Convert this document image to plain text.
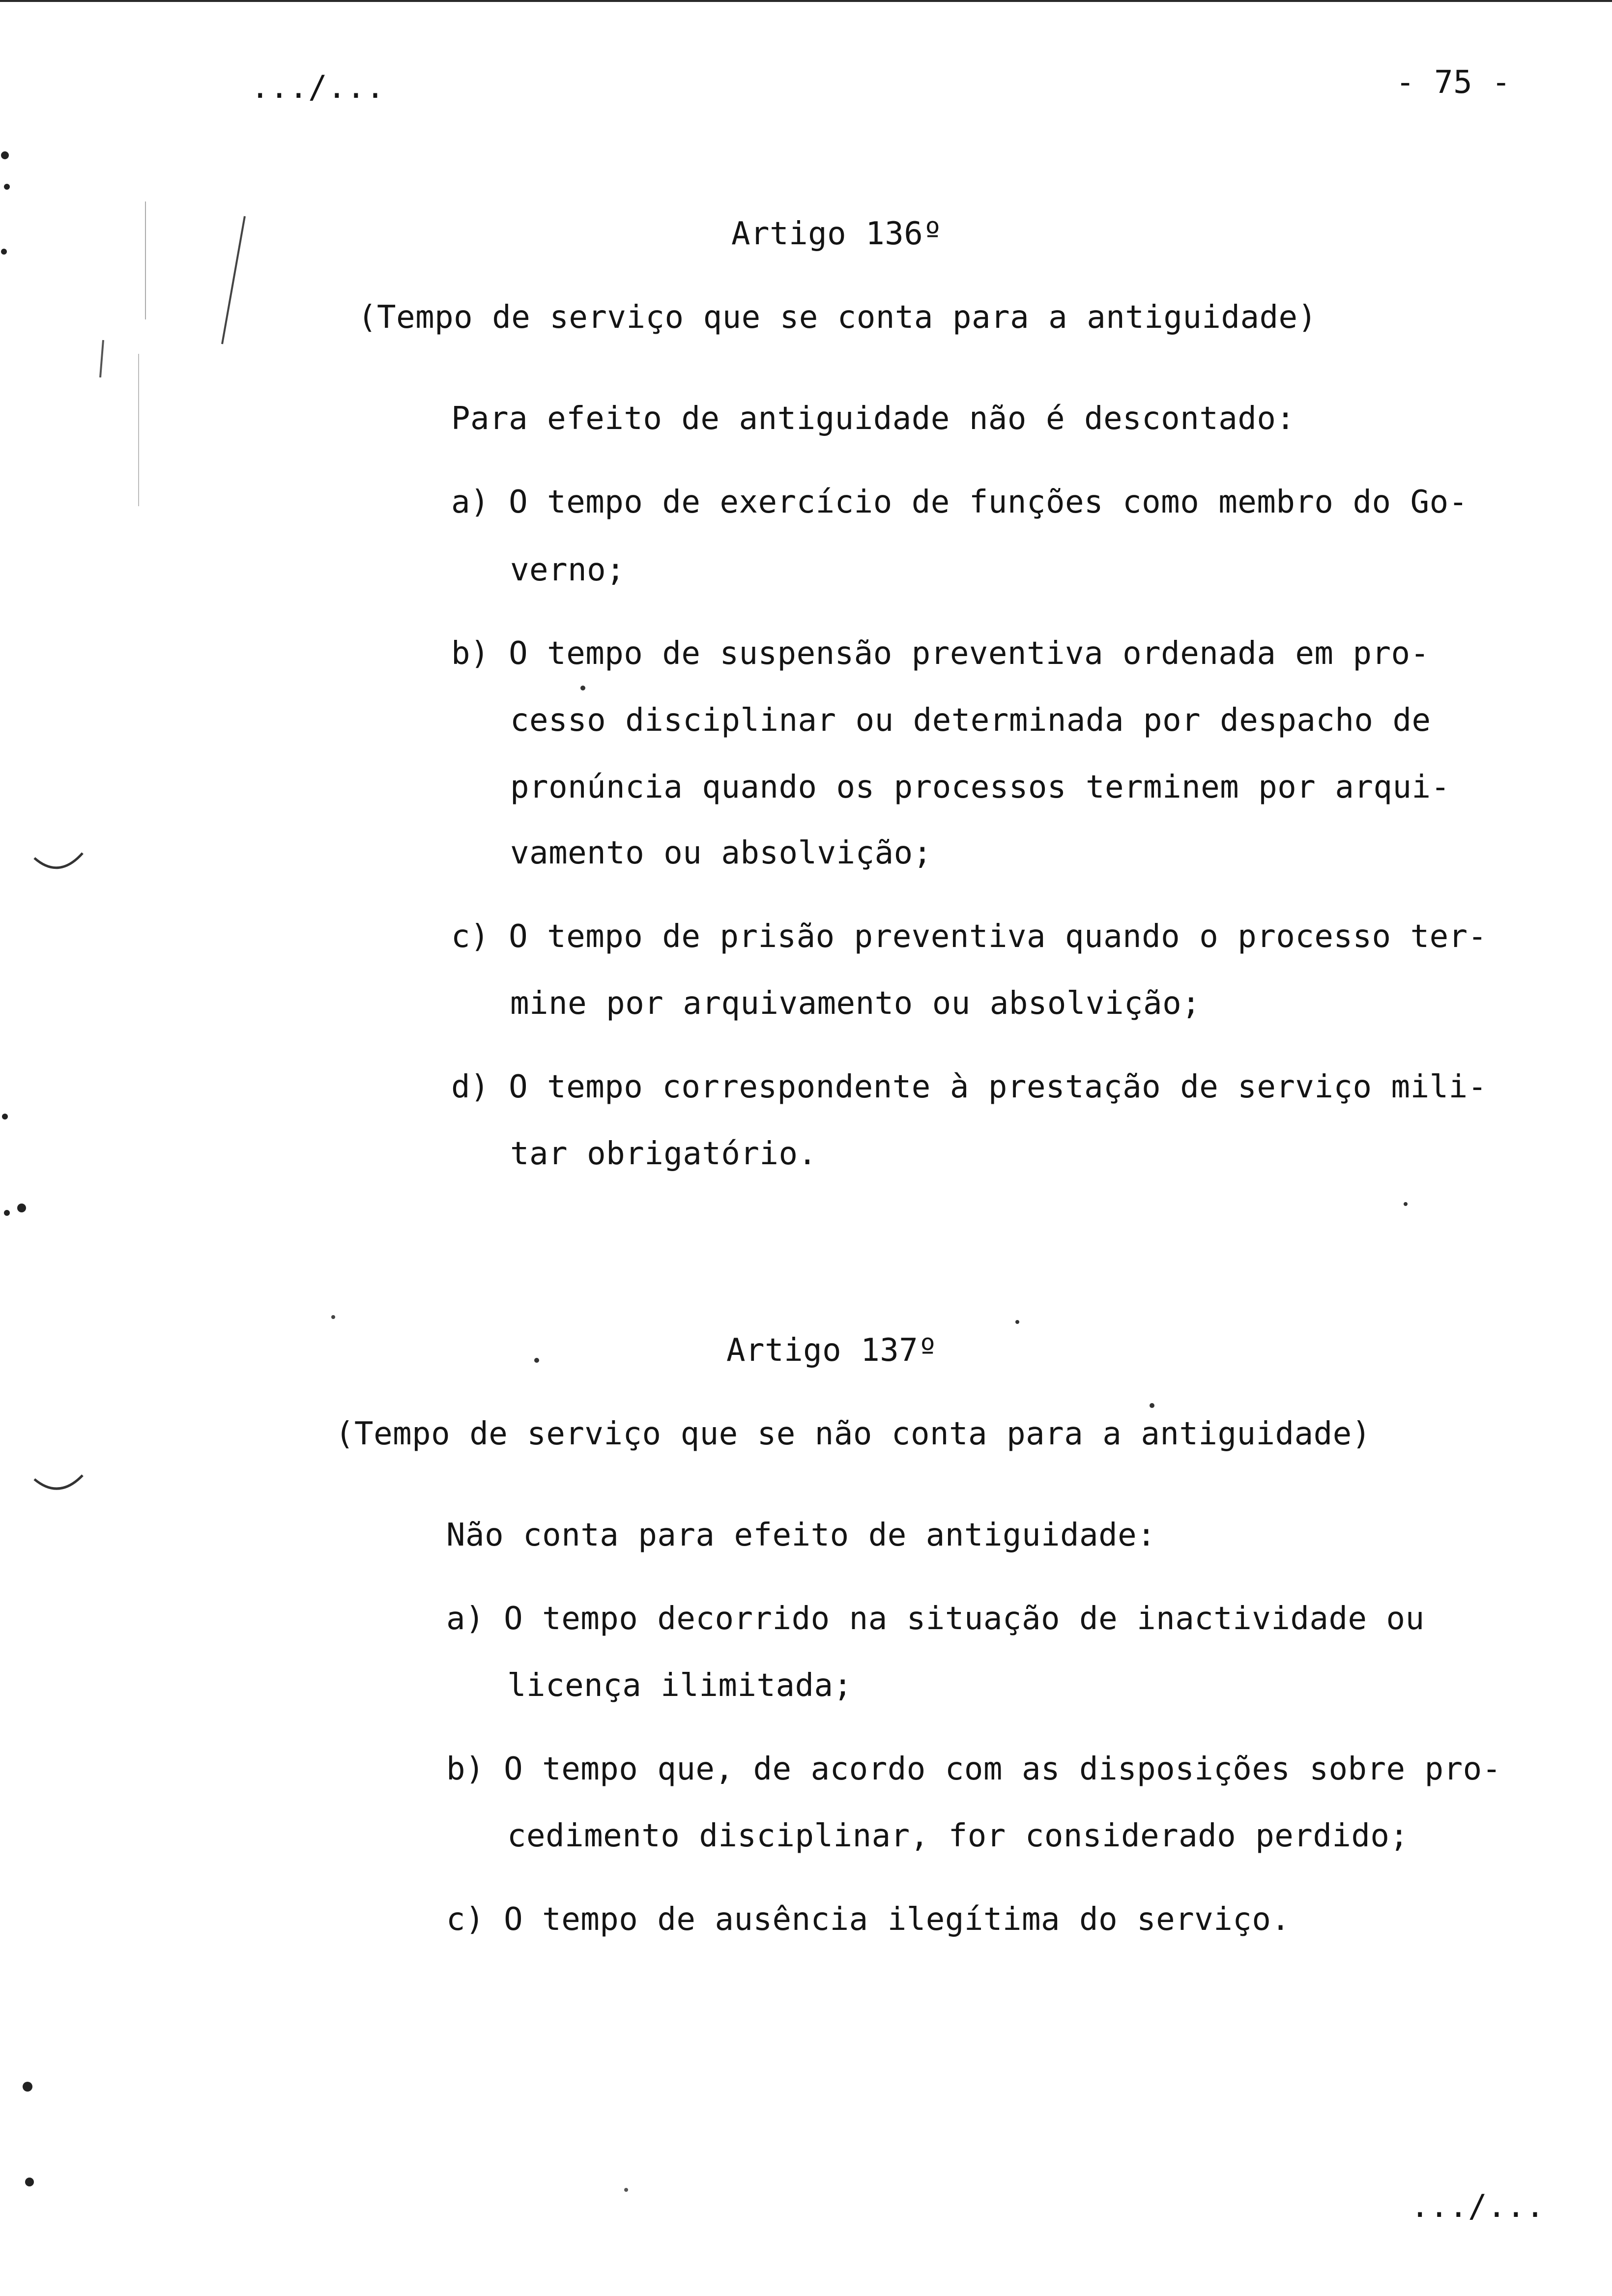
.../...	- 75 -
Artigo 136º
(Tempo de serviço que se conta para a antiguidade)
Para efeito de antiguidade não é descontado:
a) O tempo de exercício de funções como membro do Go-
verno;
b) O tempo de suspensão preventiva ordenada em pro-
cesso disciplinar ou determinada por despacho de
pronúncia quando os processos terminem por arqui-
vamento ou absolvição;
c) O tempo de prisão preventiva quando o processo ter-
mine por arquivamento ou absolvição;
d) O tempo correspondente à prestação de serviço mili-
tar obrigatório.
Artigo 137º
(Tempo de serviço que se não conta para a antiguidade)
Não conta para efeito de antiguidade:
a) O tempo decorrido na situação de inactividade ou
licença ilimitada;
b) O tempo que, de acordo com as disposições sobre pro-
cedimento disciplinar, for considerado perdido;
c) O tempo de ausência ilegítima do serviço.
.../...
